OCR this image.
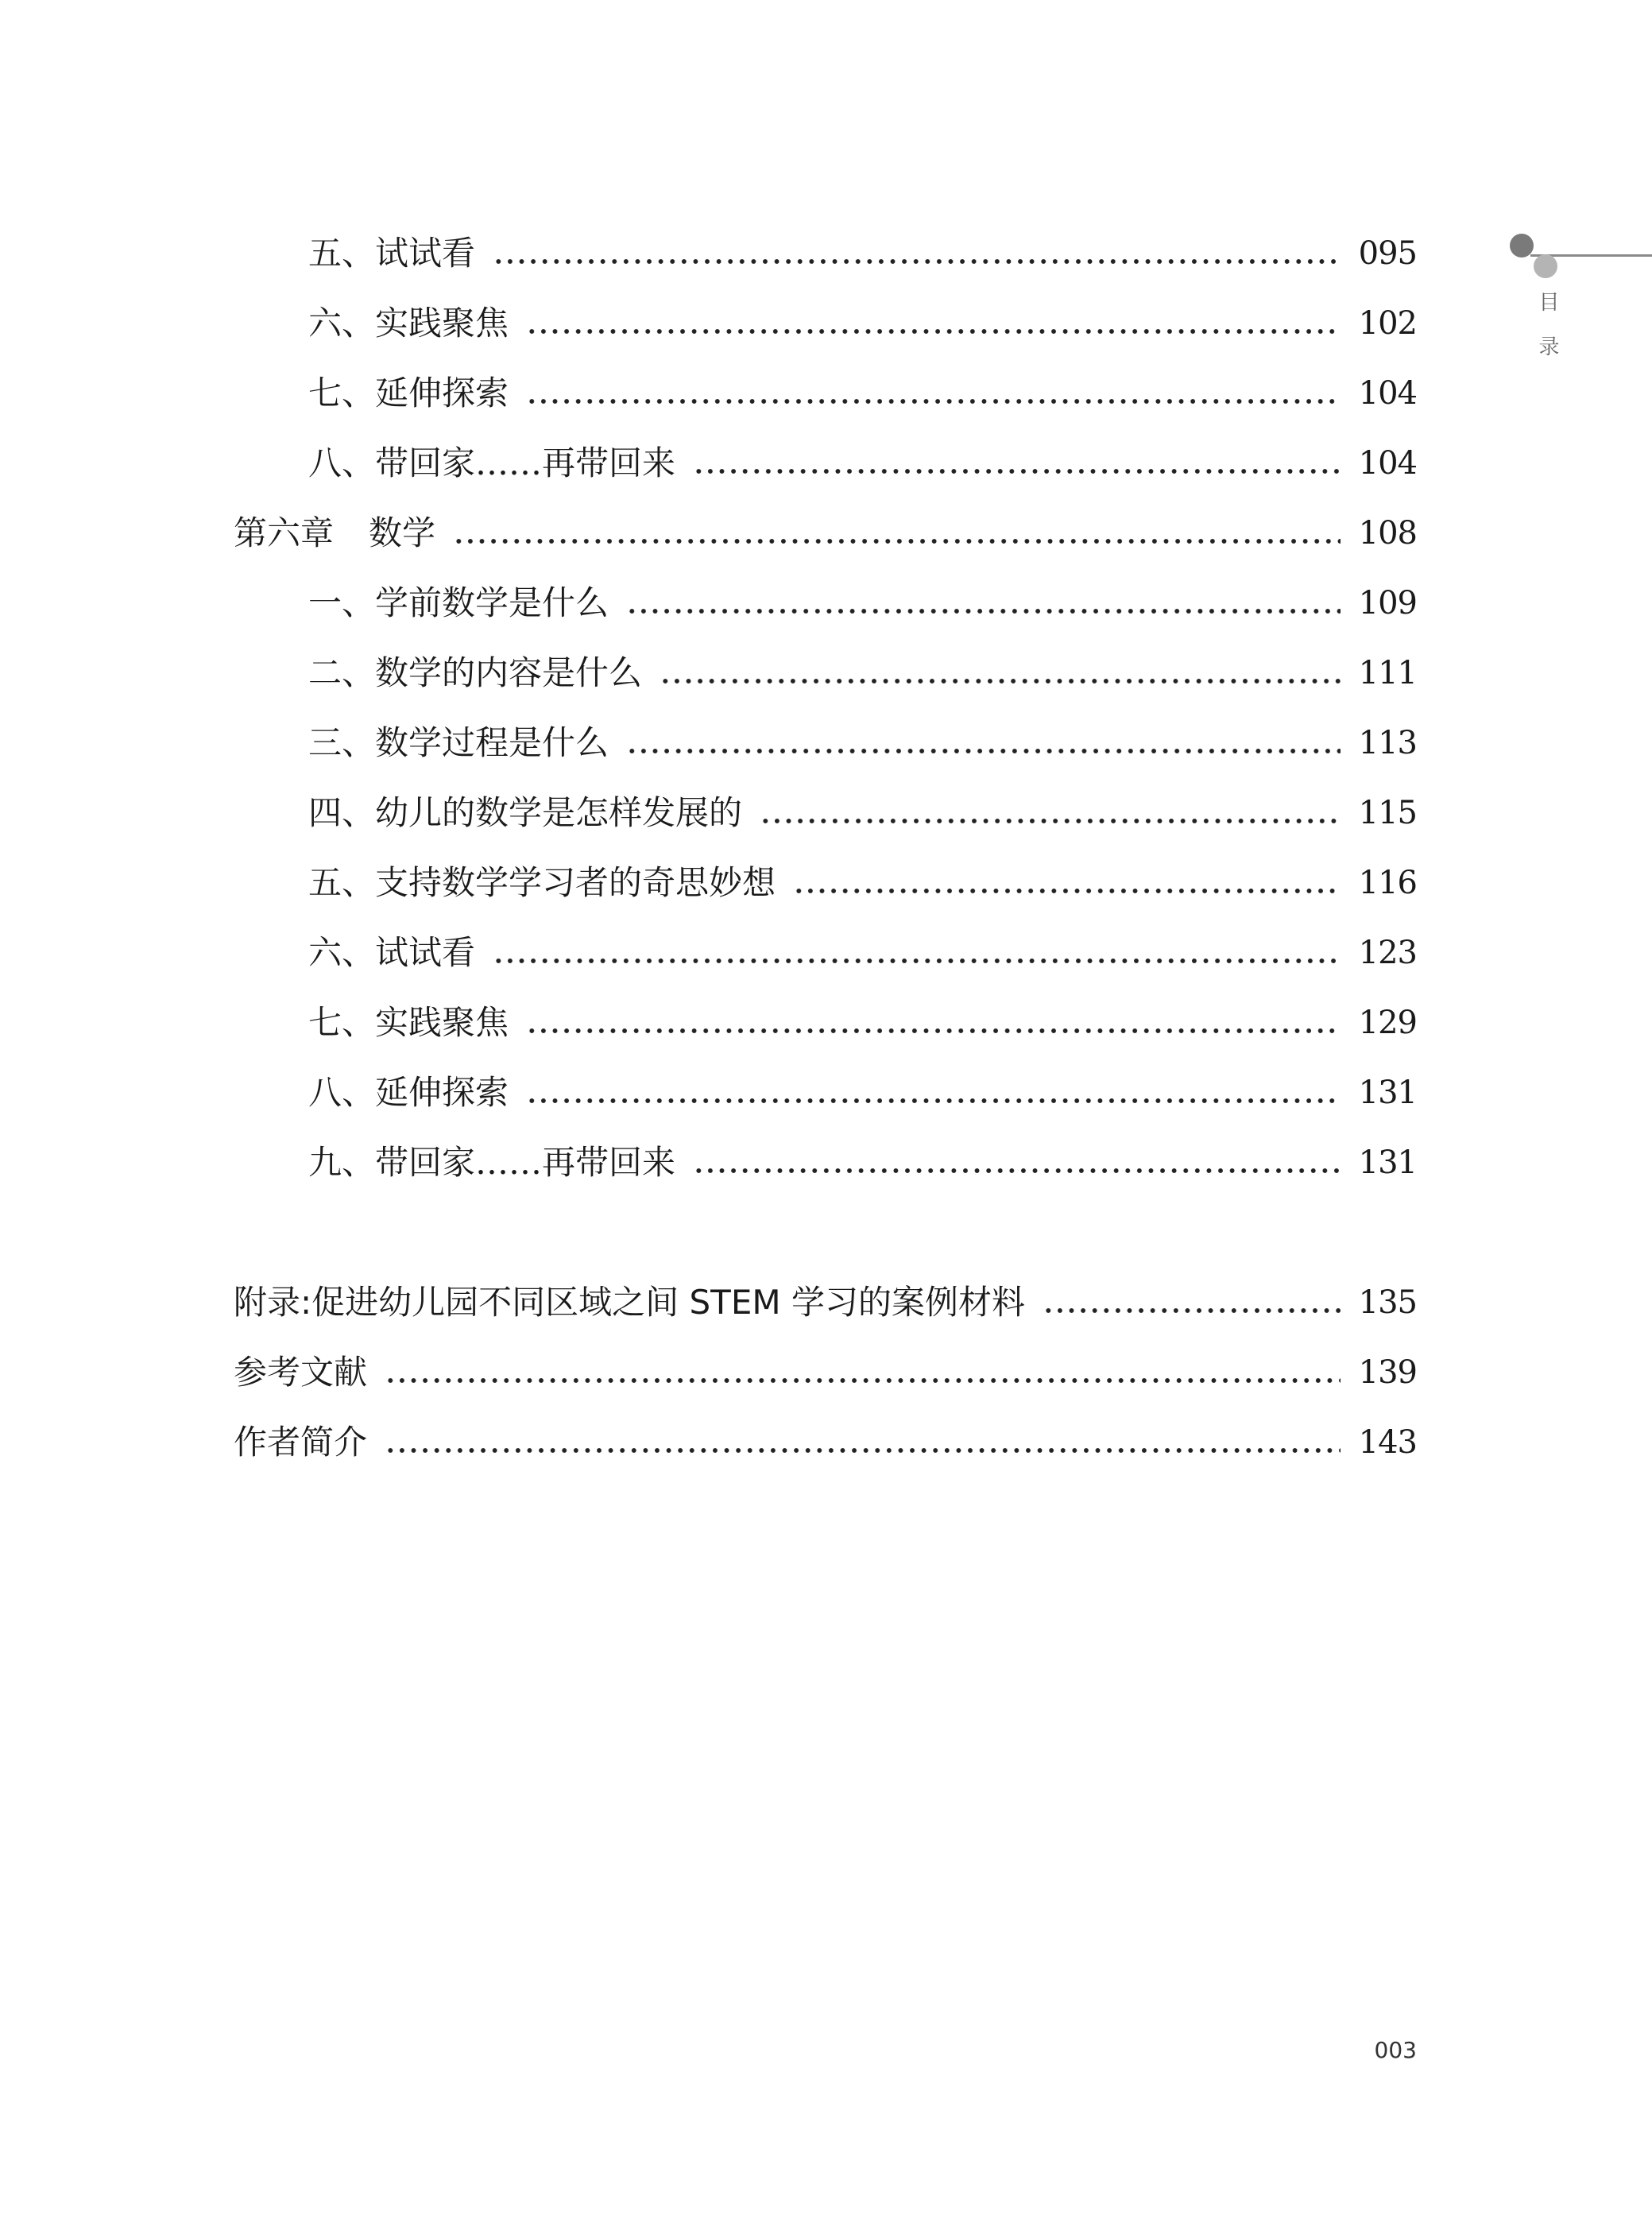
五、试试看	095
六、实践聚焦	102
七、延伸探索	104
八、带回家……再带回来	104
第六章 数学	108
一、学前数学是什么	109
二、数学的内容是什么	111
三、数学过程是什么	113
四、幼儿的数学是怎样发展的	115
五、支持数学学习者的奇思妙想	116
六、试试看	123
七、实践聚焦	129
八、延伸探索	131
九、带回家……再带回来	131
附录:促进幼儿园不同区域之间 STEM 学习的案例材料	135
参考文献	139
作者简介	143
目录
003
